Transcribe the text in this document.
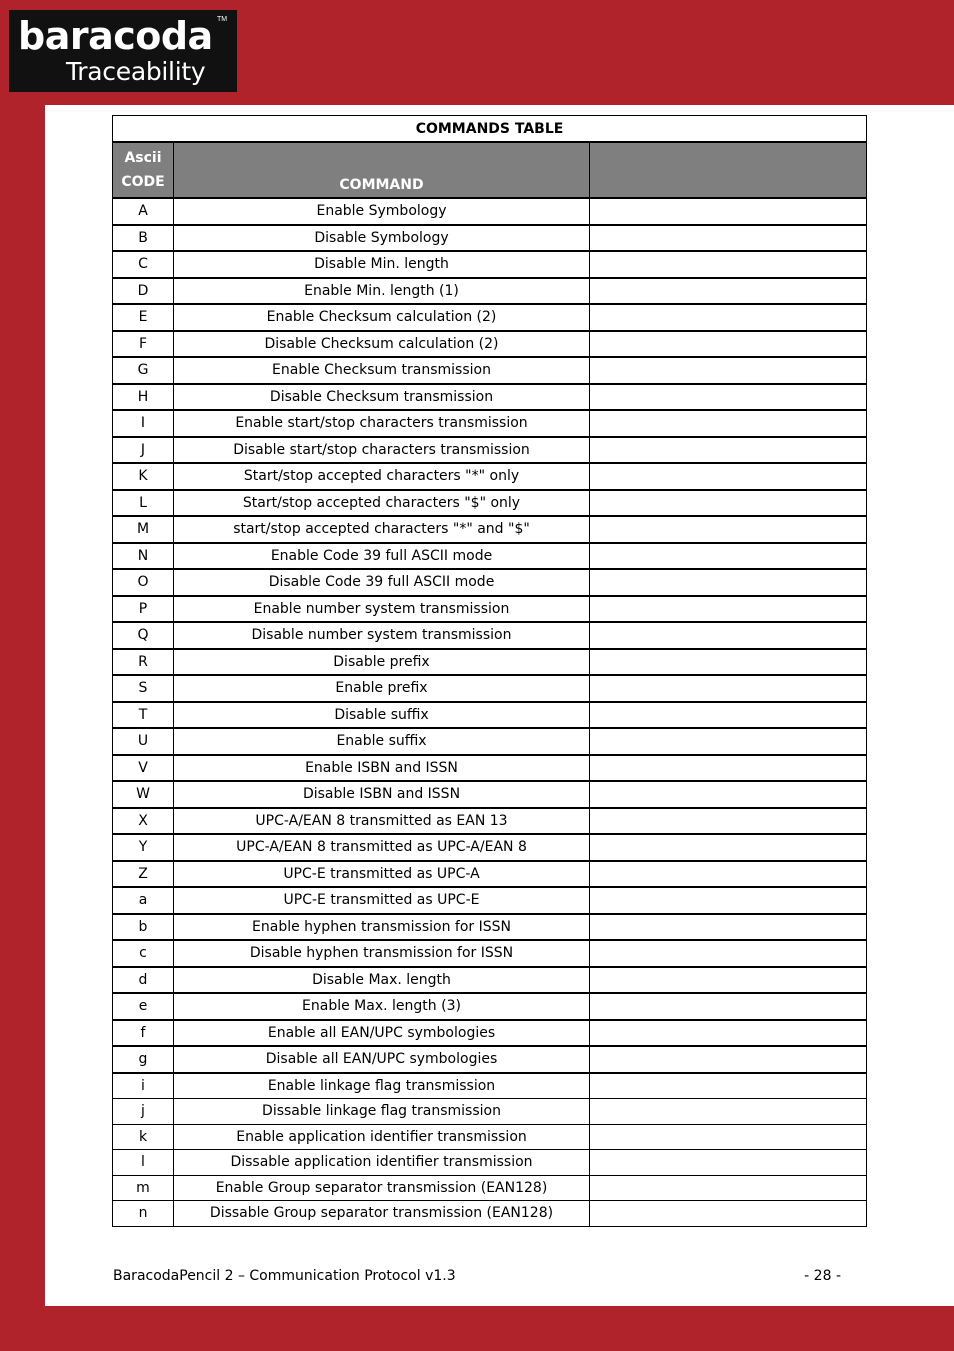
baracoda TM
Traceability
COMMANDS TABLE		
Ascii
CODE	COMMAND	
A	Enable Symbology	
B	Disable Symbology	
C	Disable Min. length	
D	Enable Min. length (1)	
E	Enable Checksum calculation (2)	
F	Disable Checksum calculation (2)	
G	Enable Checksum transmission	
H	Disable Checksum transmission	
I	Enable start/stop characters transmission	
J	Disable start/stop characters transmission	
K	Start/stop accepted characters "*" only	
L	Start/stop accepted characters "$" only	
M	start/stop accepted characters "*" and "$"	
N	Enable Code 39 full ASCII mode	
O	Disable Code 39 full ASCII mode	
P	Enable number system transmission	
Q	Disable number system transmission	
R	Disable prefix	
S	Enable prefix	
T	Disable suffix	
U	Enable suffix	
V	Enable ISBN and ISSN	
W	Disable ISBN and ISSN	
X	UPC-A/EAN 8 transmitted as EAN 13	
Y	UPC-A/EAN 8 transmitted as UPC-A/EAN 8	
Z	UPC-E transmitted as UPC-A	
a	UPC-E transmitted as UPC-E	
b	Enable hyphen transmission for ISSN	
c	Disable hyphen transmission for ISSN	
d	Disable Max. length	
e	Enable Max. length (3)	
f	Enable all EAN/UPC symbologies	
g	Disable all EAN/UPC symbologies	
i	Enable linkage flag transmission	
j	Dissable linkage flag transmission	
k	Enable application identifier transmission	
l	Dissable application identifier transmission	
m	Enable Group separator transmission (EAN128)	
n	Dissable Group separator transmission (EAN128)	
BaracodaPencil 2 – Communication Protocol v1.3	- 28 -
